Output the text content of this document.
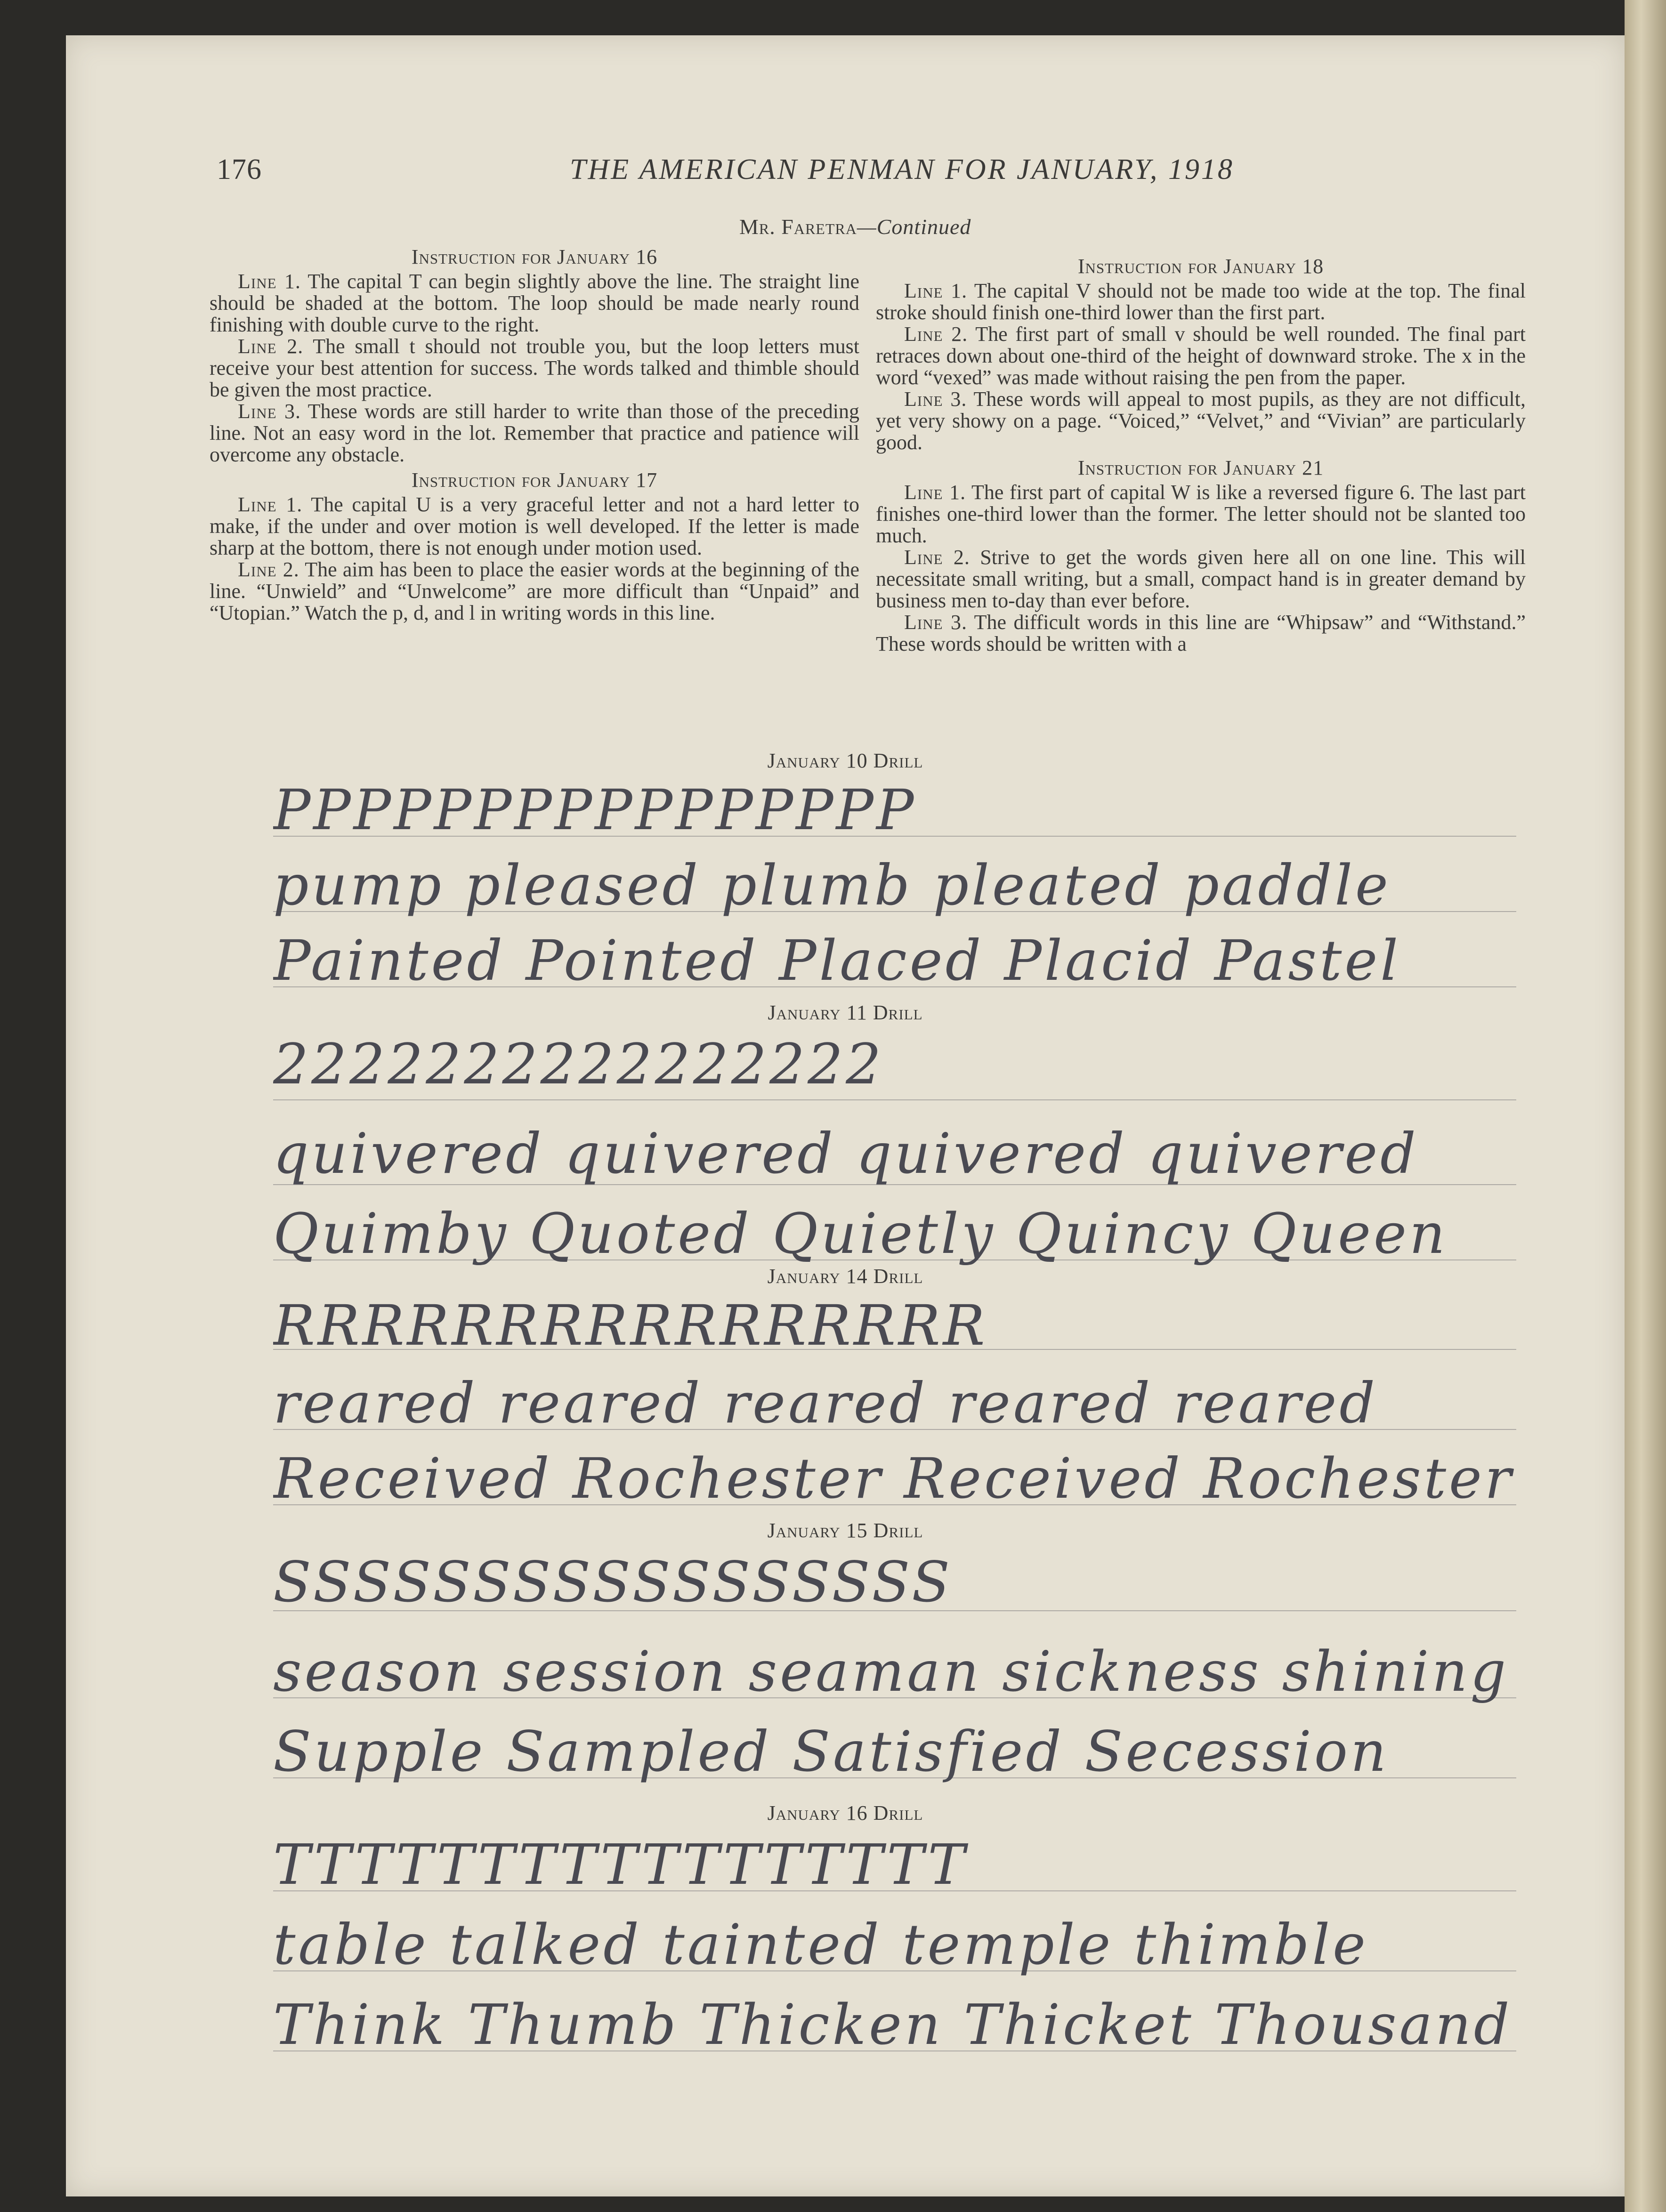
176	THE AMERICAN PENMAN FOR JANUARY, 1918
Mr. Faretra—Continued
Instruction for January 16

Line 1. The capital T can begin slightly above the line. The straight line should be shaded at the bottom. The loop should be made nearly round finishing with double curve to the right.

Line 2. The small t should not trouble you, but the loop letters must receive your best attention for success. The words talked and thimble should be given the most practice.

Line 3. These words are still harder to write than those of the preceding line. Not an easy word in the lot. Remember that practice and patience will overcome any obstacle.

Instruction for January 17

Line 1. The capital U is a very graceful letter and not a hard letter to make, if the under and over motion is well developed. If the letter is made sharp at the bottom, there is not enough under motion used.

Line 2. The aim has been to place the easier words at the beginning of the line. “Unwield” and “Unwelcome” are more difficult than “Unpaid” and “Utopian.” Watch the p, d, and l in writing words in this line.

Instruction for January 18

Line 1. The capital V should not be made too wide at the top. The final stroke should finish one-third lower than the first part.

Line 2. The first part of small v should be well rounded. The final part retraces down about one-third of the height of downward stroke. The x in the word “vexed” was made without raising the pen from the paper.

Line 3. These words will appeal to most pupils, as they are not difficult, yet very showy on a page. “Voiced,” “Velvet,” and “Vivian” are particularly good.

Instruction for January 21

Line 1. The first part of capital W is like a reversed figure 6. The last part finishes one-third lower than the former. The letter should not be slanted too much.

Line 2. Strive to get the words given here all on one line. This will necessitate small writing, but a small, compact hand is in greater demand by business men to-day than ever before.

Line 3. The difficult words in this line are “Whipsaw” and “Withstand.” These words should be written with a

January 10 Drill
PPPPPPPPPPPPPPPP
pump pleased plumb pleated paddle
Painted Pointed Placed Placid Pastel
January 11 Drill
2222222222222222
quivered quivered quivered quivered
Quimby Quoted Quietly Quincy Queen
January 14 Drill
RRRRRRRRRRRRRRRR
reared reared reared reared reared
Received Rochester Received Rochester
January 15 Drill
SSSSSSSSSSSSSSSSS
season session seaman sickness shining
Supple Sampled Satisfied Secession
January 16 Drill
TTTTTTTTTTTTTTTTT
table talked tainted temple thimble
Think Thumb Thicken Thicket Thousand
